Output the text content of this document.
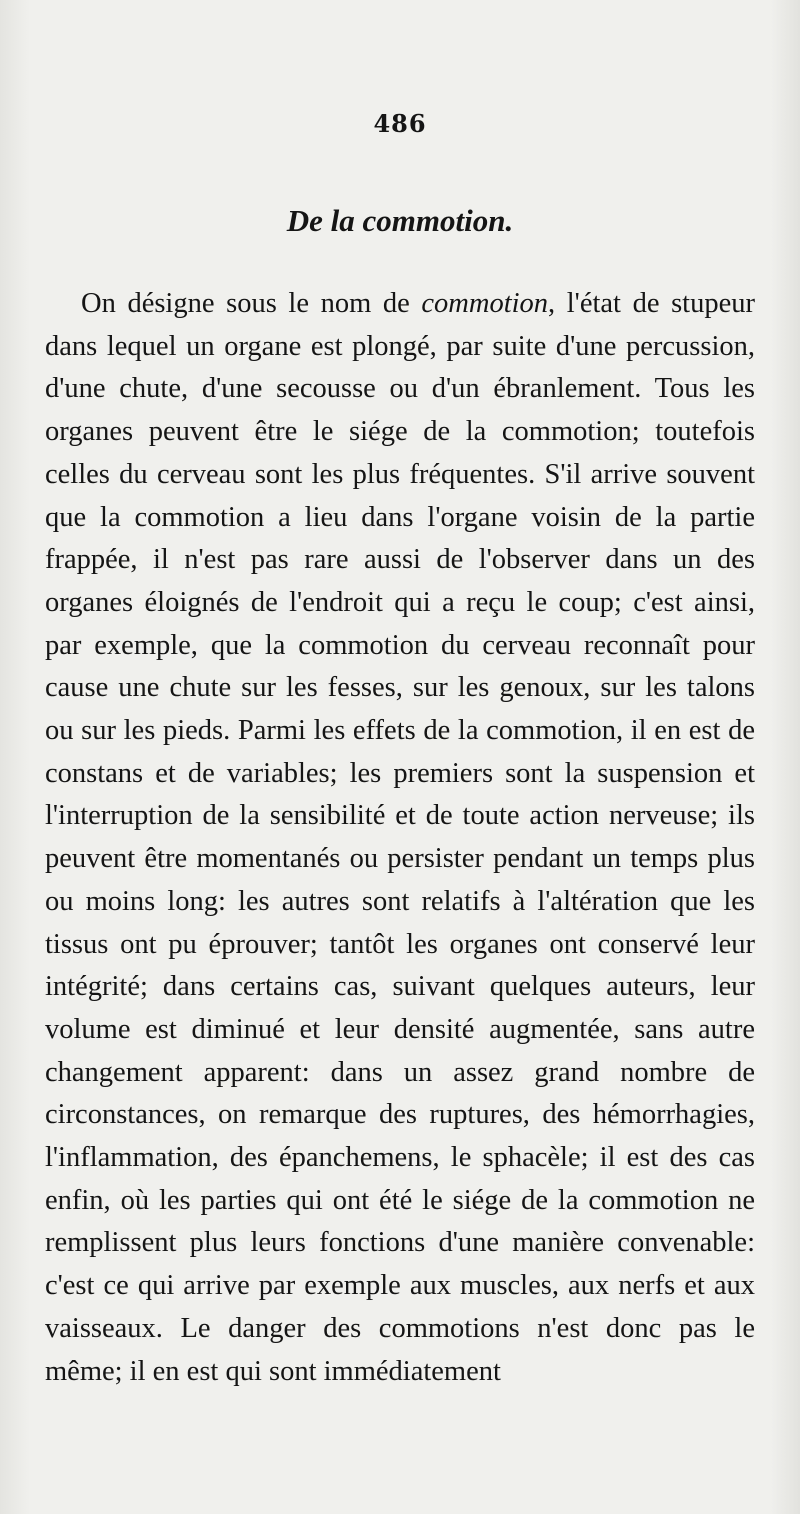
486
De la commotion.

On désigne sous le nom de commotion, l'état de stupeur dans lequel un organe est plongé, par suite d'une percussion, d'une chute, d'une secousse ou d'un ébranlement. Tous les organes peuvent être le siége de la commotion; toutefois celles du cerveau sont les plus fréquentes. S'il arrive souvent que la commotion a lieu dans l'organe voisin de la partie frappée, il n'est pas rare aussi de l'observer dans un des organes éloignés de l'endroit qui a reçu le coup; c'est ainsi, par exemple, que la commotion du cerveau reconnaît pour cause une chute sur les fesses, sur les genoux, sur les talons ou sur les pieds. Parmi les effets de la commotion, il en est de constans et de variables; les premiers sont la suspension et l'interruption de la sensibilité et de toute action nerveuse; ils peuvent être momentanés ou persister pendant un temps plus ou moins long: les autres sont relatifs à l'altération que les tissus ont pu éprouver; tantôt les organes ont conservé leur intégrité; dans certains cas, suivant quelques auteurs, leur volume est diminué et leur densité augmentée, sans autre changement apparent: dans un assez grand nombre de circonstances, on remarque des ruptures, des hémorrhagies, l'inflammation, des épanchemens, le sphacèle; il est des cas enfin, où les parties qui ont été le siége de la commotion ne remplissent plus leurs fonctions d'une manière convenable: c'est ce qui arrive par exemple aux muscles, aux nerfs et aux vaisseaux. Le danger des commotions n'est donc pas le même; il en est qui sont immédiatement
